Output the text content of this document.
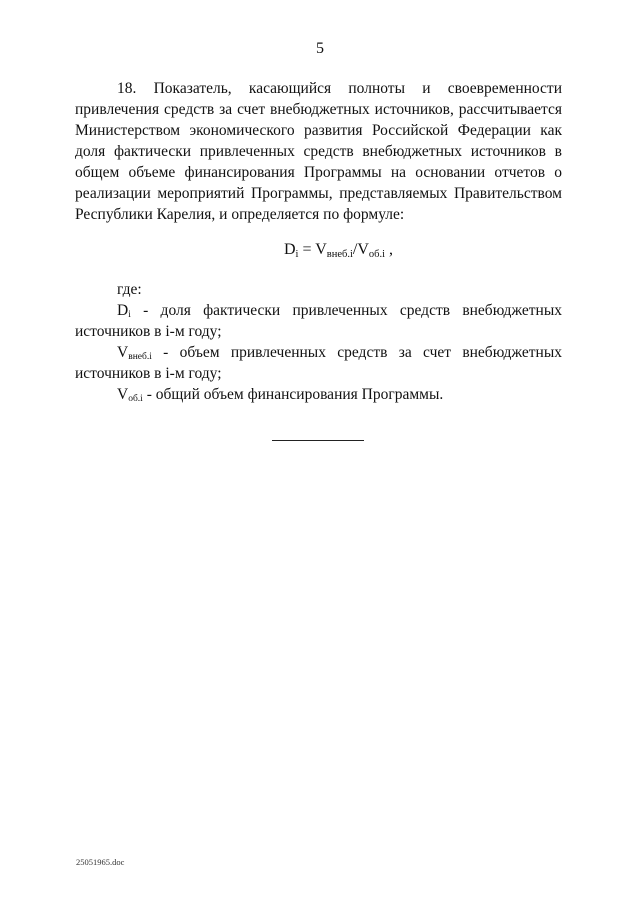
5

18. Показатель, касающийся полноты и своевременности привлечения средств за счет внебюджетных источников, рассчитывается Министерством экономического развития Российской Федерации как доля фактически привлеченных средств внебюджетных источников в общем объеме финансирования Программы на основании отчетов о реализации мероприятий Программы, представляемых Правительством Республики Карелия, и определяется по формуле:

$D_i = V_{внеб.i}/V_{об.i}$ ,

где:

$D_i$ - доля фактически привлеченных средств внебюджетных источников в i-м году;

$V_{внеб.i}$ - объем привлеченных средств за счет внебюджетных источников в i-м году;

$V_{об.i}$ - общий объем финансирования Программы.

25051965.doc
